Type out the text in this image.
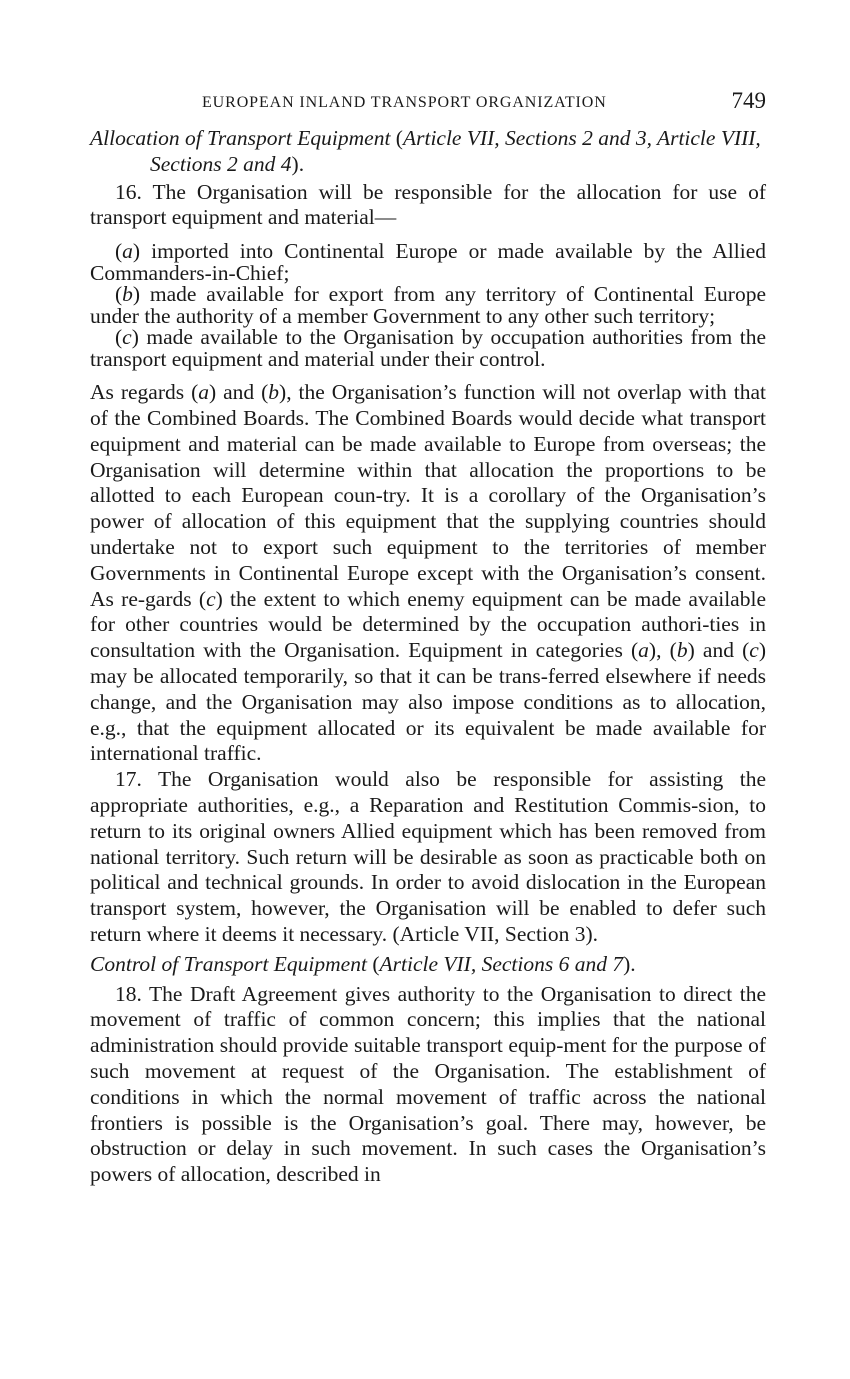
EUROPEAN INLAND TRANSPORT ORGANIZATION	749

Allocation of Transport Equipment (Article VII, Sections 2 and 3, Article VIII, Sections 2 and 4).

16. The Organisation will be responsible for the allocation for use of transport equipment and material—

(a) imported into Continental Europe or made available by the Allied Commanders-in-Chief;

(b) made available for export from any territory of Continental Europe under the authority of a member Government to any other such territory;

(c) made available to the Organisation by occupation authorities from the transport equipment and material under their control.

As regards (a) and (b), the Organisation’s function will not overlap with that of the Combined Boards. The Combined Boards would decide what transport equipment and material can be made available to Europe from overseas; the Organisation will determine within that allocation the proportions to be allotted to each European coun-try. It is a corollary of the Organisation’s power of allocation of this equipment that the supplying countries should undertake not to export such equipment to the territories of member Governments in Continental Europe except with the Organisation’s consent. As re-gards (c) the extent to which enemy equipment can be made available for other countries would be determined by the occupation authori-ties in consultation with the Organisation. Equipment in categories (a), (b) and (c) may be allocated temporarily, so that it can be trans-ferred elsewhere if needs change, and the Organisation may also impose conditions as to allocation, e.g., that the equipment allocated or its equivalent be made available for international traffic.

17. The Organisation would also be responsible for assisting the appropriate authorities, e.g., a Reparation and Restitution Commis-sion, to return to its original owners Allied equipment which has been removed from national territory. Such return will be desirable as soon as practicable both on political and technical grounds. In order to avoid dislocation in the European transport system, however, the Organisation will be enabled to defer such return where it deems it necessary. (Article VII, Section 3).

Control of Transport Equipment (Article VII, Sections 6 and 7).

18. The Draft Agreement gives authority to the Organisation to direct the movement of traffic of common concern; this implies that the national administration should provide suitable transport equip-ment for the purpose of such movement at request of the Organisation. The establishment of conditions in which the normal movement of traffic across the national frontiers is possible is the Organisation’s goal. There may, however, be obstruction or delay in such movement. In such cases the Organisation’s powers of allocation, described in
